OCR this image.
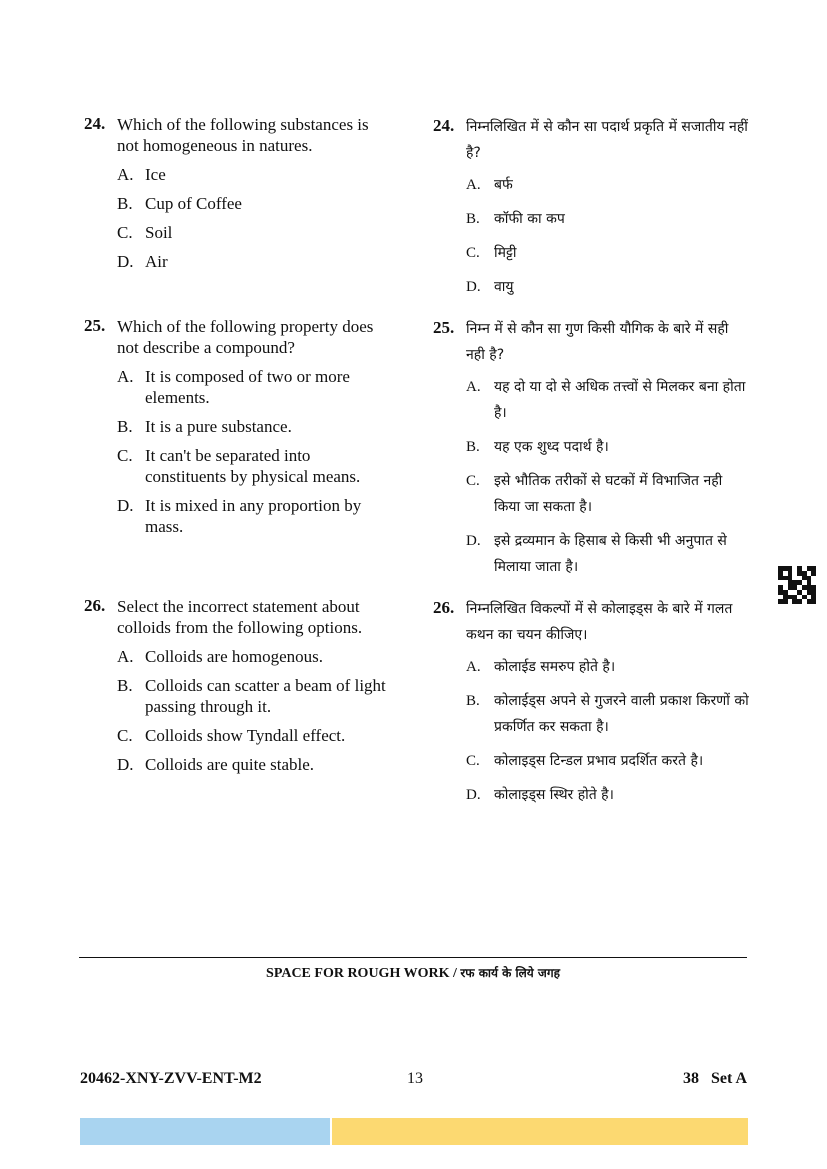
24. Which of the following substances is not homogeneous in natures.
A. Ice
B. Cup of Coffee
C. Soil
D. Air
25. Which of the following property does not describe a compound?
A. It is composed of two or more elements.
B. It is a pure substance.
C. It can't be separated into constituents by physical means.
D. It is mixed in any proportion by mass.
26. Select the incorrect statement about colloids from the following options.
A. Colloids are homogenous.
B. Colloids can scatter a beam of light passing through it.
C. Colloids show Tyndall effect.
D. Colloids are quite stable.
24. निम्नलिखित में से कौन सा पदार्थ प्रकृति में सजातीय नहीं है?
A. बर्फ
B.	कॉफी का कप
C.	मिट्टी
D. वायु
25. निम्न में से कौन सा गुण किसी यौगिक के बारे में सही नही है?
A. यह दो या दो से अधिक तत्त्वों से मिलकर बना होता है।
B.	यह एक शुध्द पदार्थ है।
C.	इसे भौतिक तरीकों से घटकों में विभाजित नही किया जा सकता है।
D. इसे द्रव्यमान के हिसाब से किसी भी अनुपात से मिलाया जाता है।
26. निम्नलिखित विकल्पों में से कोलाइड्स के बारे में गलत कथन का चयन कीजिए।
A. कोलाईड समरुप होते है।
B.	कोलाईड्स अपने से गुजरने वाली प्रकाश किरणों को प्रकर्णित कर सकता है।
C.	कोलाइड्स टिन्डल प्रभाव प्रदर्शित करते है।
D. कोलाइड्स स्थिर होते है।
SPACE FOR ROUGH WORK / रफ कार्य के लिये जगह
20462-XNY-ZVV-ENT-M2	13	38   Set A
